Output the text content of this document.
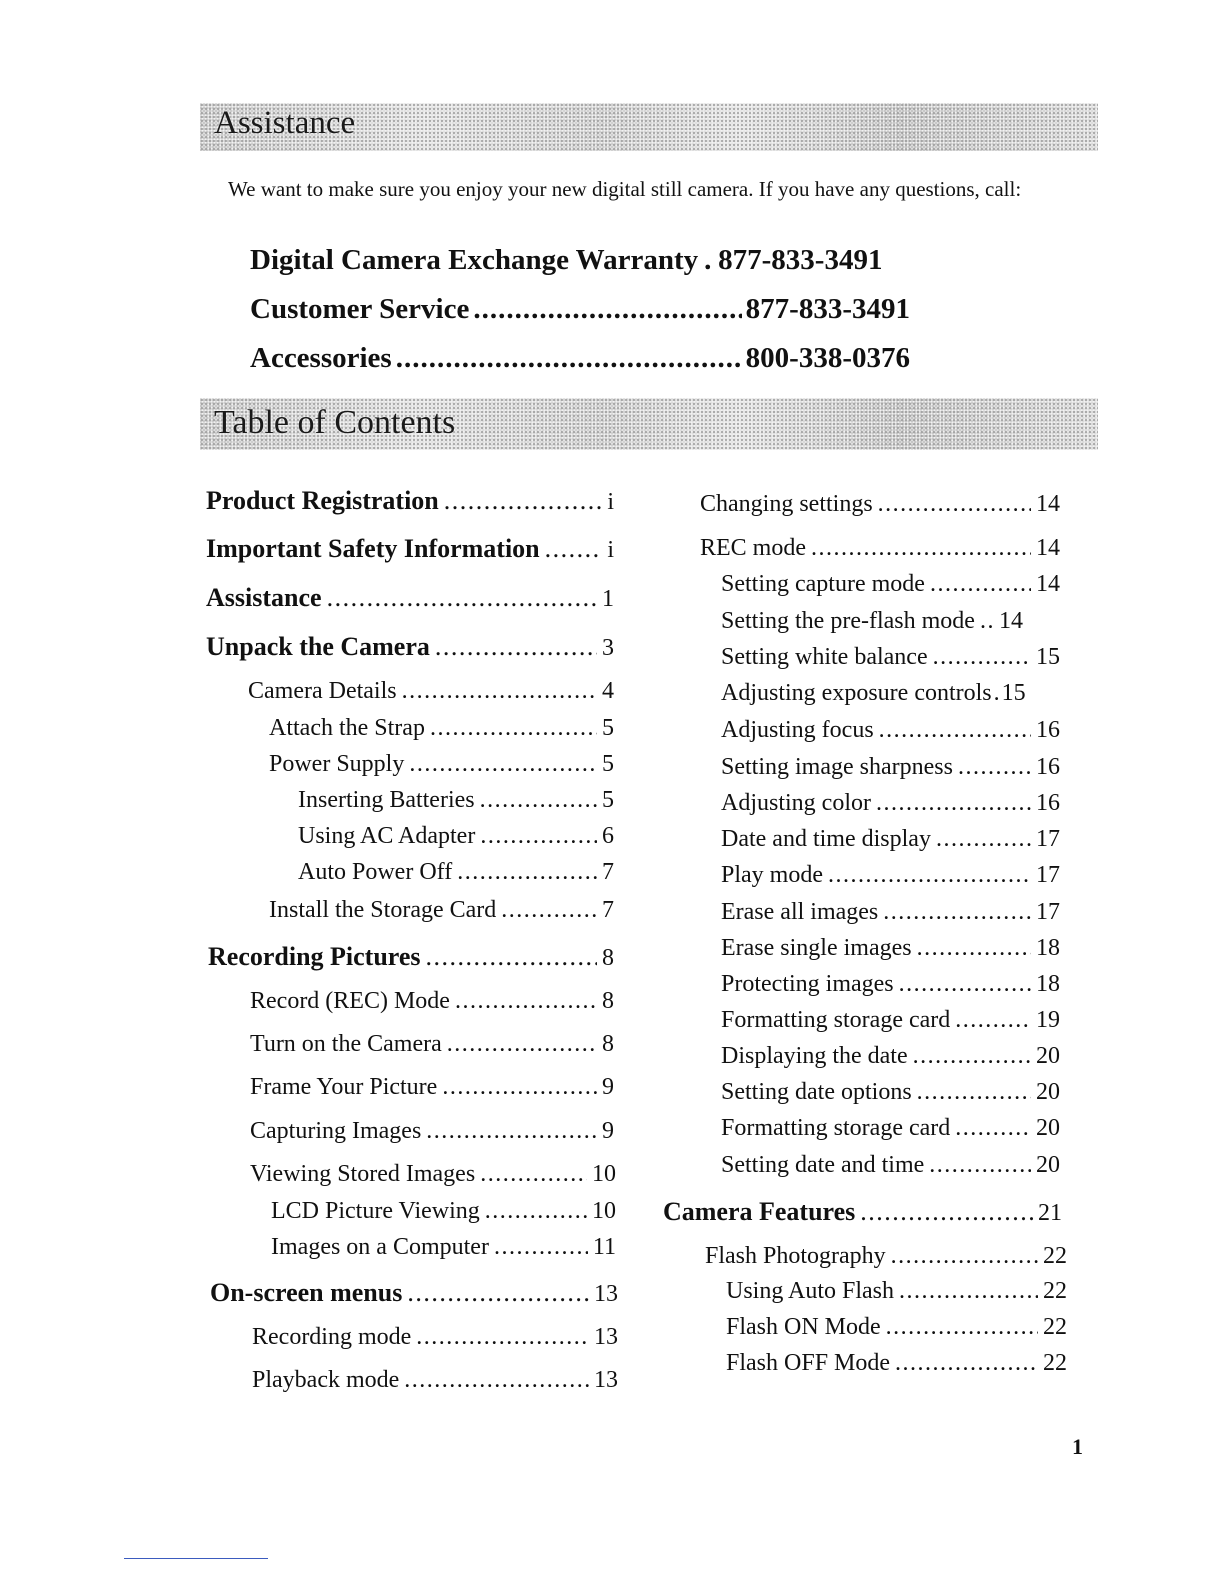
Assistance

We want to make sure you enjoy your new digital still camera. If you have any questions, call:

Digital Camera Exchange Warranty ..... 877-833-3491
Customer Service .....	877-833-3491
Accessories .....	800-338-0376
Table of Contents
Product Registration .....	i
Important Safety Information .....	i
Assistance .....	1
Unpack the Camera .....	3
Camera Details .....	4
Attach the Strap .....	5
Power Supply .....	5
Inserting Batteries .....	5
Using AC Adapter .....	6
Auto Power Off .....	7
Install the Storage Card .....	7
Recording Pictures .....	8
Record (REC) Mode .....	8
Turn on the Camera .....	8
Frame Your Picture .....	9
Capturing Images .....	9
Viewing Stored Images .....	10
LCD Picture Viewing .....	10
Images on a Computer .....	11
On-screen menus .....	13
Recording mode .....	13
Playback mode .....	13
Changing settings .....	14
REC mode .....	14
Setting capture mode .....	14
Setting the pre-flash mode ..... 14
Setting white balance .....	15
Adjusting exposure controls ..... 15
Adjusting focus .....	16
Setting image sharpness .....	16
Adjusting color .....	16
Date and time display .....	17
Play mode .....	17
Erase all images .....	17
Erase single images .....	18
Protecting images .....	18
Formatting storage card .....	19
Displaying the date .....	20
Setting date options .....	20
Formatting storage card .....	20
Setting date and time .....	20
Camera Features .....	21
Flash Photography .....	22
Using Auto Flash .....	22
Flash ON Mode .....	22
Flash OFF Mode .....	22
1
